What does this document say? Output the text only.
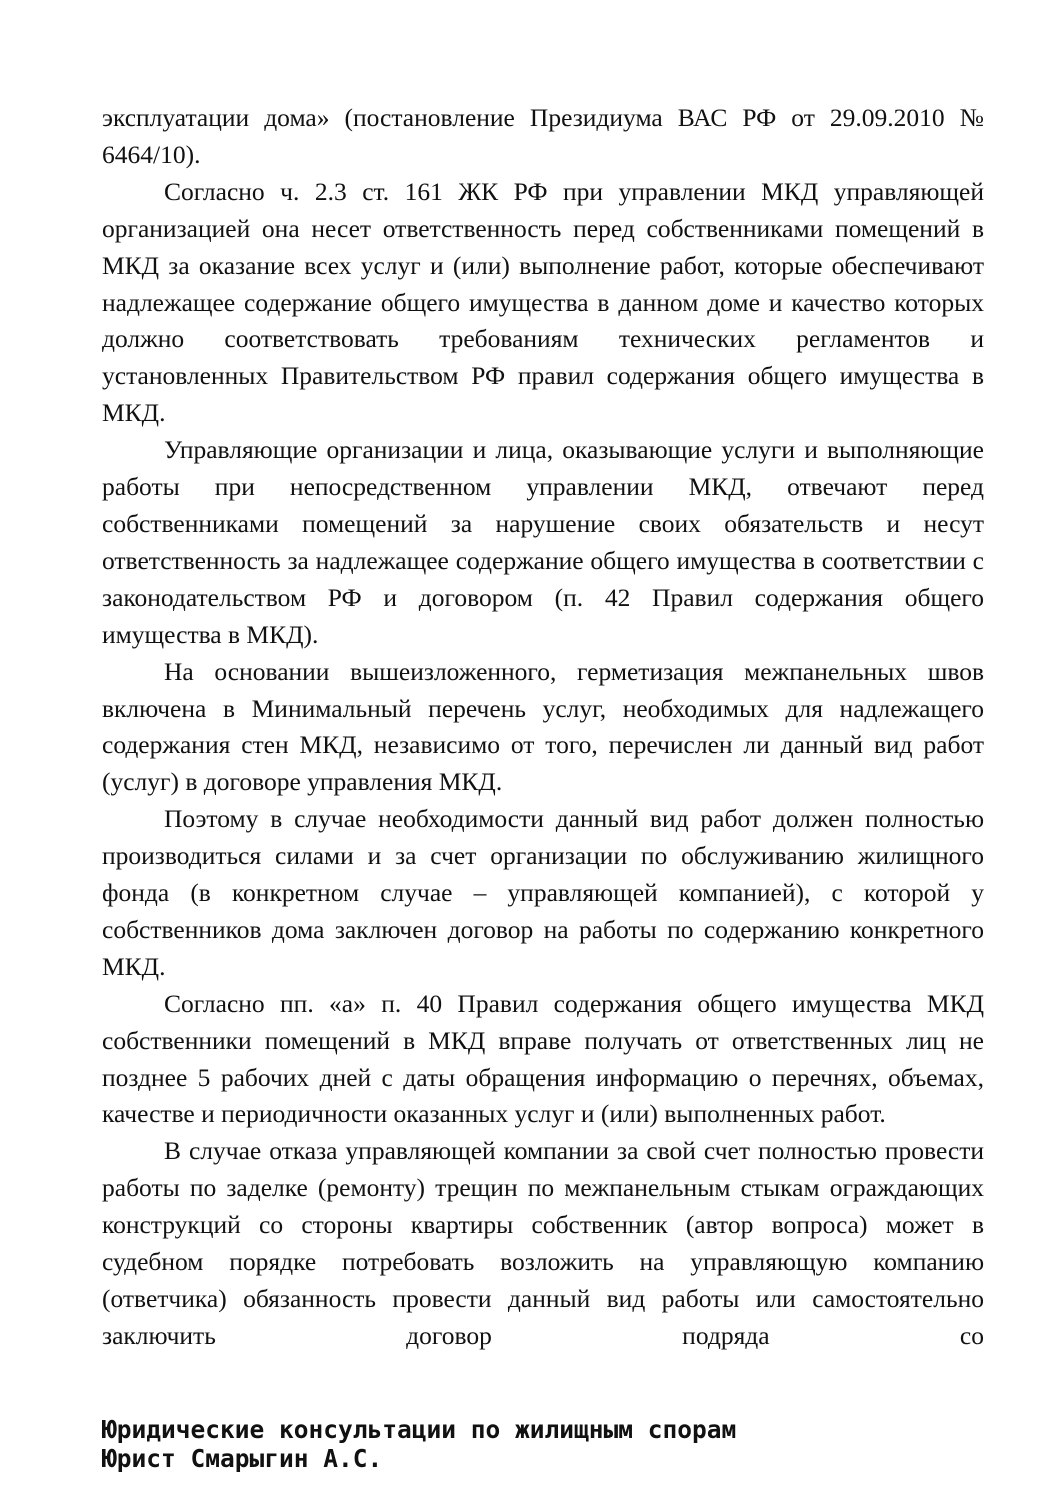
эксплуатации дома» (постановление Президиума ВАС РФ от 29.09.2010 № 6464/10).

Согласно ч. 2.3 ст. 161 ЖК РФ при управлении МКД управляющей организацией она несет ответственность перед собственниками помещений в МКД за оказание всех услуг и (или) выполнение работ, которые обеспечивают надлежащее содержание общего имущества в данном доме и качество которых должно соответствовать требованиям технических регламентов и установленных Правительством РФ правил содержания общего имущества в МКД.

Управляющие организации и лица, оказывающие услуги и выполняющие работы при непосредственном управлении МКД, отвечают перед собственниками помещений за нарушение своих обязательств и несут ответственность за надлежащее содержание общего имущества в соответствии с законодательством РФ и договором (п. 42 Правил содержания общего имущества в МКД).

На основании вышеизложенного, герметизация межпанельных швов включена в Минимальный перечень услуг, необходимых для надлежащего содержания стен МКД, независимо от того, перечислен ли данный вид работ (услуг) в договоре управления МКД.

Поэтому в случае необходимости данный вид работ должен полностью производиться силами и за счет организации по обслуживанию жилищного фонда (в конкретном случае – управляющей компанией), с которой у собственников дома заключен договор на работы по содержанию конкретного МКД.

Согласно пп. «а» п. 40 Правил содержания общего имущества МКД собственники помещений в МКД вправе получать от ответственных лиц не позднее 5 рабочих дней с даты обращения информацию о перечнях, объемах, качестве и периодичности оказанных услуг и (или) выполненных работ.

В случае отказа управляющей компании за свой счет полностью провести работы по заделке (ремонту) трещин по межпанельным стыкам ограждающих конструкций со стороны квартиры собственник (автор вопроса) может в судебном порядке потребовать возложить на управляющую компанию (ответчика) обязанность провести данный вид работы или самостоятельно заключить договор подряда со

Юридические консультации по жилищным спорам
Юрист Смарыгин А.С.
